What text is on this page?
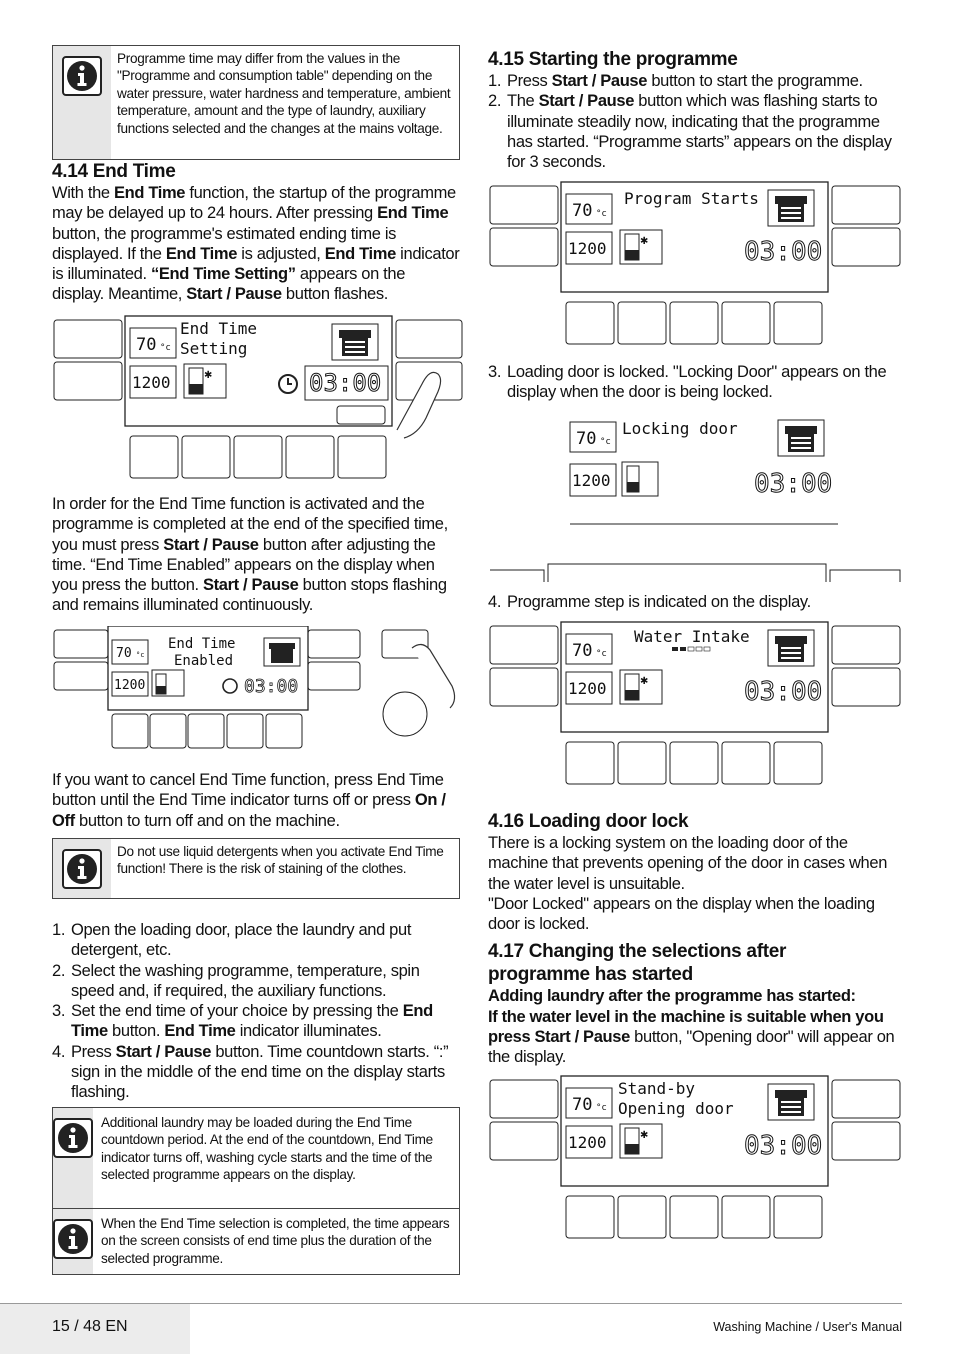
Programme time may differ from the values in the "Programme and consumption table" depending on the water pressure, water hardness and temperature, ambient temperature, amount and the type of laundry, auxiliary functions selected and the changes at the mains voltage.
4.14 End Time

With the End Time function, the startup of the programme may be delayed up to 24 hours. After pressing End Time button, the programme's estimated ending time is displayed. If the End Time is adjusted, End Time indicator is illuminated. “End Time Setting” appears on the display. Meantime, Start / Pause button flashes.

70 °c
End Time
Setting
1200	✱	03:00

In order for the End Time function is activated and the programme is completed at the end of the specified time, you must press Start / Pause button after adjusting the time. “End Time Enabled” appears on the display when you press the button. Start / Pause button stops flashing and remains illuminated continuously.

70 °c
End Time
Enabled
1200	03:00

If you want to cancel End Time function, press End Time button until the End Time indicator turns off or press On / Off button to turn off and on the machine.

Do not use liquid detergents when you activate End Time function! There is the risk of staining of the clothes.
1. Open the loading door, place the laundry and put detergent, etc.
2. Select the washing programme, temperature, spin speed and, if required, the auxiliary functions.
3. Set the end time of your choice by pressing the End Time button. End Time indicator illuminates.
4. Press Start / Pause button. Time countdown starts. “:” sign in the middle of the end time on the display starts flashing.
Additional laundry may be loaded during the End Time countdown period. At the end of the countdown, End Time indicator turns off, washing cycle starts and the time of the selected programme appears on the display.
When the End Time selection is completed, the time appears on the screen consists of end time plus the duration of the selected programme.
4.15 Starting the programme
1. Press Start / Pause button to start the programme.
2. The Start / Pause button which was flashing starts to illuminate steadily now, indicating that the programme has started. “Programme starts” appears on the display for 3 seconds.
70 °c
Program Starts
1200	✱	03:00
3. Loading door is locked. "Locking Door" appears on the display when the door is being locked.
70 °c
Locking door
1200	03:00
4. Programme step is indicated on the display.
70 °c
Water Intake
1200	✱	03:00
4.16 Loading door lock

There is a locking system on the loading door of the machine that prevents opening of the door in cases when the water level is unsuitable.

"Door Locked" appears on the display when the loading door is locked.

4.17 Changing the selections after
programme has started

Adding laundry after the programme has started:

If the water level in the machine is suitable when you press Start / Pause button, "Opening door" will appear on the display.

70 °c
Stand-by
Opening door
1200	✱	03:00
15 / 48 EN	Washing Machine / User's Manual
